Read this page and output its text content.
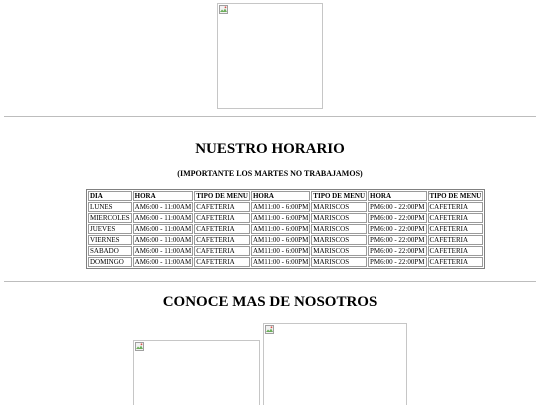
NUESTRO HORARIO
(IMPORTANTE LOS MARTES NO TRABAJAMOS)
DIA	HORA	TIPO DE MENU	HORA	TIPO DE MENU	HORA	TIPO DE MENU
LUNES	AM6:00 - 11:00AM	CAFETERIA	AM11:00 - 6:00PM	MARISCOS	PM6:00 - 22:00PM	CAFETERIA
MIERCOLES	AM6:00 - 11:00AM	CAFETERIA	AM11:00 - 6:00PM	MARISCOS	PM6:00 - 22:00PM	CAFETERIA
JUEVES	AM6:00 - 11:00AM	CAFETERIA	AM11:00 - 6:00PM	MARISCOS	PM6:00 - 22:00PM	CAFETERIA
VIERNES	AM6:00 - 11:00AM	CAFETERIA	AM11:00 - 6:00PM	MARISCOS	PM6:00 - 22:00PM	CAFETERIA
SABADO	AM6:00 - 11:00AM	CAFETERIA	AM11:00 - 6:00PM	MARISCOS	PM6:00 - 22:00PM	CAFETERIA
DOMINGO	AM6:00 - 11:00AM	CAFETERIA	AM11:00 - 6:00PM	MARISCOS	PM6:00 - 22:00PM	CAFETERIA
CONOCE MAS DE NOSOTROS
